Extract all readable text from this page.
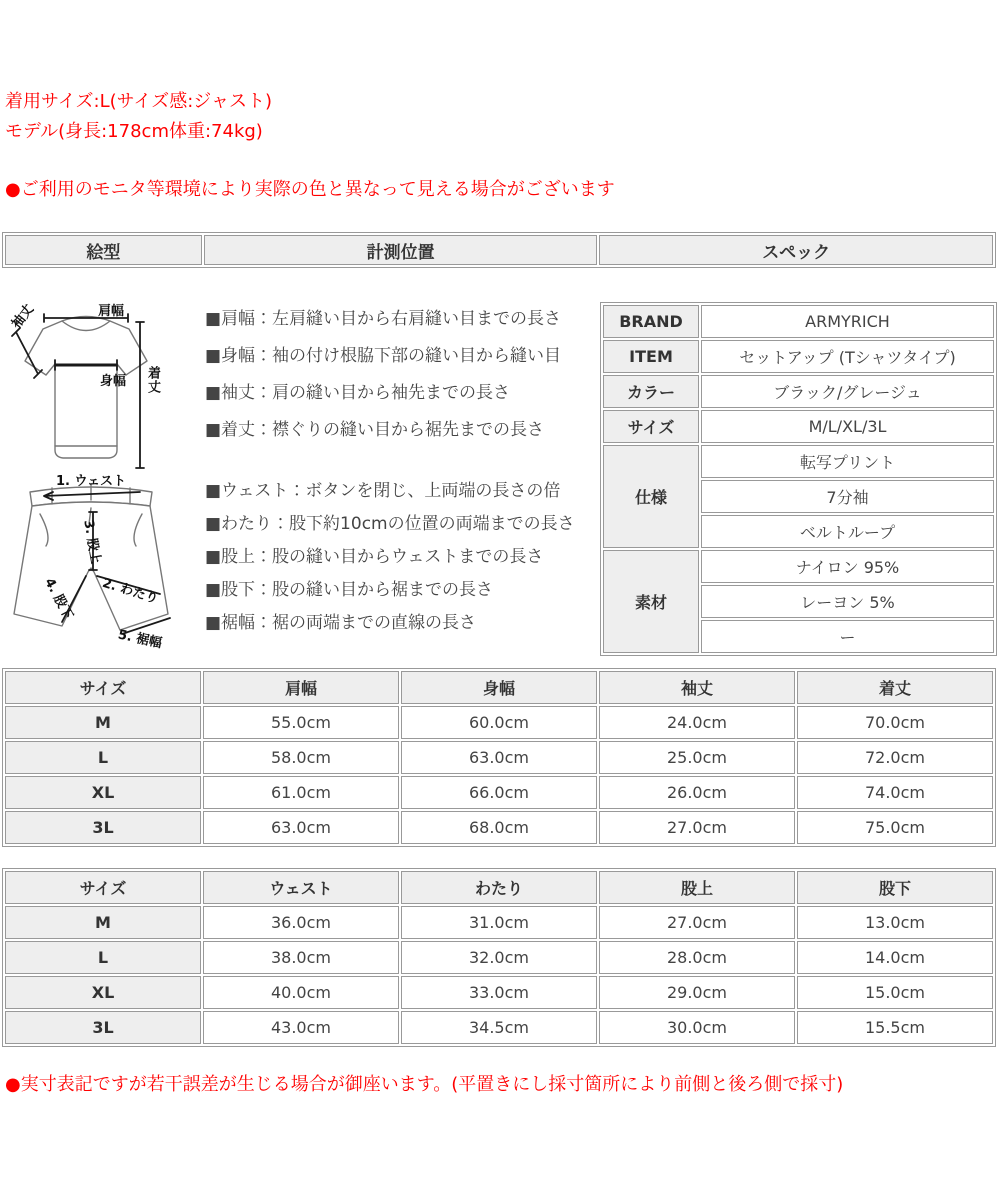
着用サイズ:L(サイズ感:ジャスト)
モデル(身長:178cm体重:74kg)
●ご利用のモニタ等環境により実際の色と異なって見える場合がございます
絵型	計測位置	スペック
肩幅
袖丈
身幅 着丈
1. ウェスト
3. 股上
2. わたり
4. 股下
5. 裾幅
■肩幅：左肩縫い目から右肩縫い目までの長さ
■身幅：袖の付け根脇下部の縫い目から縫い目
■袖丈：肩の縫い目から袖先までの長さ
■着丈：襟ぐりの縫い目から裾先までの長さ
■ウェスト：ボタンを閉じ、上両端の長さの倍
■わたり：股下約10cmの位置の両端までの長さ
■股上：股の縫い目からウェストまでの長さ
■股下：股の縫い目から裾までの長さ
■裾幅：裾の両端までの直線の長さ
BRAND	ARMYRICH
ITEM	セットアップ (Tシャツタイプ)
カラー	ブラック/グレージュ
サイズ	M/L/XL/3L
仕様	転写プリント
	7分袖
	ベルトループ
素材	ナイロン 95%
	レーヨン 5%
	ー
サイズ	肩幅	身幅	袖丈	着丈
M	55.0cm	60.0cm	24.0cm	70.0cm
L	58.0cm	63.0cm	25.0cm	72.0cm
XL	61.0cm	66.0cm	26.0cm	74.0cm
3L	63.0cm	68.0cm	27.0cm	75.0cm
サイズ	ウェスト	わたり	股上	股下
M	36.0cm	31.0cm	27.0cm	13.0cm
L	38.0cm	32.0cm	28.0cm	14.0cm
XL	40.0cm	33.0cm	29.0cm	15.0cm
3L	43.0cm	34.5cm	30.0cm	15.5cm
●実寸表記ですが若干誤差が生じる場合が御座います。(平置きにし採寸箇所により前側と後ろ側で採寸)
